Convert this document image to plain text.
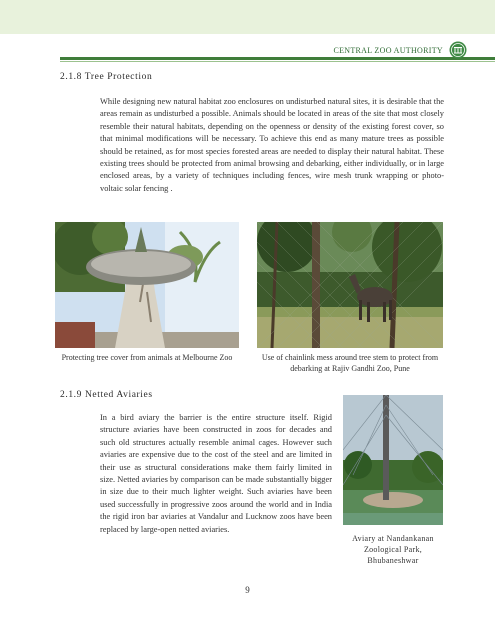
CENTRAL ZOO AUTHORITY
2.1.8 Tree Protection

While designing new natural habitat zoo enclosures on undisturbed natural sites, it is desirable that the areas remain as undisturbed a possible. Animals should be located in areas of the site that most closely resemble their natural habitats, depending on the openness or density of the existing forest cover, so that minimal modifications will be necessary. To achieve this end as many mature trees as possible should be retained, as for most species forested areas are needed to display their natural habitat. These existing trees should be protected from animal browsing and debarking, either individually, or in large enclosed areas, by a variety of techniques including fences, wire mesh trunk wrapping or photo-voltaic solar fencing .

Protecting tree cover from animals at Melbourne Zoo	Use of chainlink mess around tree stem to protect from debarking at Rajiv Gandhi Zoo, Pune

2.1.9 Netted Aviaries

In a bird aviary the barrier is the entire structure itself. Rigid structure aviaries have been constructed in zoos for decades and such old structures actually resemble animal cages. However such aviaries are expensive due to the cost of the steel and are limited in their use as structural considerations make them fairly limited in size. Netted aviaries by comparison can be made substantially bigger in size due to their much lighter weight. Such aviaries have been used successfully in progressive zoos around the world and in India the rigid iron bar aviaries at Vandalur and Lucknow zoos have been replaced by large-open netted aviaries.

Aviary at Nandankanan Zoological Park, Bhubaneshwar

9
